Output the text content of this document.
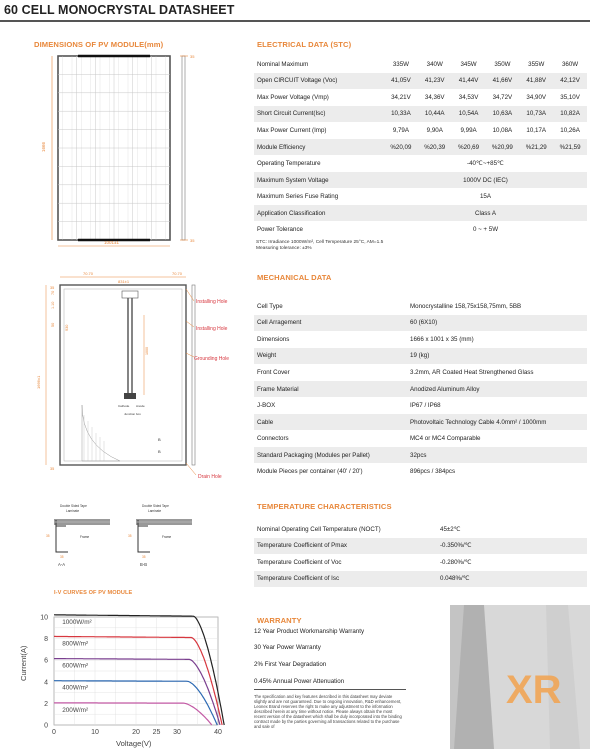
60 CELL MONOCRYSTAL DATASHEET
DIMENSIONS OF PV MODULE(mm)	ELECTRICAL DATA (STC)
MECHANICAL DATA
TEMPERATURE CHARACTERISTICS
WARRANTY
I-V CURVES OF PV MODULE
1666
1001±1
35
35
Cathode Anode
Junction box
1000
70.70	70.70
831±1
1666±1
50
1.10
70
930
35
35
B
B
Installing Hole
Installing Hole
Grounding Hole
Drain Hole
Double Sided Tape
Laminate
Frame
35
35
A-A
Double Sided Tape
Laminate
Frame
35
35
B-B
0
2
4
6
8
10
0	10	20 25 30	40
1000W/m²
800W/m²
600W/m²
400W/m²
200W/m²
Current(A)
Voltage(V)
Nominal Maximum	335W	340W	345W	350W	355W	360W
Open CIRCUIT Voltage (Voc)	41,05V	41,23V	41,44V	41,66V	41,88V	42,12V
Max Power Voltage (Vmp)	34,21V	34,36V	34,53V	34,72V	34,90V	35,10V
Short Circuit Current(Isc)	10,33A	10,44A	10,54A	10,63A	10,73A	10,82A
Max Power Current (Imp)	9,79A	9,90A	9,99A	10,08A	10,17A	10,26A
Module Efficiency	%20,09	%20,39	%20,69	%20,99	%21,29	%21,59
Operating Temperature	-40℃~+85℃					
Maximum System Voltage	1000V DC (IEC)					
Maximum Series Fuse Rating	15A					
Application Classification	Class A					
Power Tolerance	0 ~ + 5W					
STC: Irradiance 1000W/m², Cell Temperature 25°C, AM=1.5
Measuring tolerance: ±3%
Cell Type	Monocrystalline 158,75x158,75mm, 5BB
Cell Arragement	60 (6X10)
Dimensions	1666 x 1001 x 35 (mm)
Weight	19 (kg)
Front Cover	3.2mm, AR Coated Heat Strengthened Glass
Frame Material	Anodized Aluminum Alloy
J-BOX	IP67 / IP68
Cable	Photovoltaic Technology Cable 4.0mm² / 1000mm
Connectors	MC4 or MC4 Comparable
Standard Packaging (Modules per Pallet)	32pcs
Module Pieces per container (40' / 20')	896pcs / 384pcs
Nominal Operating Cell Temperature (NOCT)	45±2℃
Temperature Coefficient of Pmax	-0.350%/℃
Temperature Coefficient of Voc	-0.280%/℃
Temperature Coefficient of Isc	0.048%/℃
12 Year Product Workmanship Warranty
30 Year Power Warranty
2% First Year Degradation
0.45% Annual Power Attenuation
The specification and key features described in this datasheet may deviate slightly and are not guaranteed. Due to ongoing innovation, R&D enhancement, Leonex Brand reserves the right to make any adjustment to the information described herein at any time without notice. Please always obtain the most recent version of the datasheet which shall be duly incorporated into the binding contract made by the parties governing all transactions related to the purchase and sale of
XR
